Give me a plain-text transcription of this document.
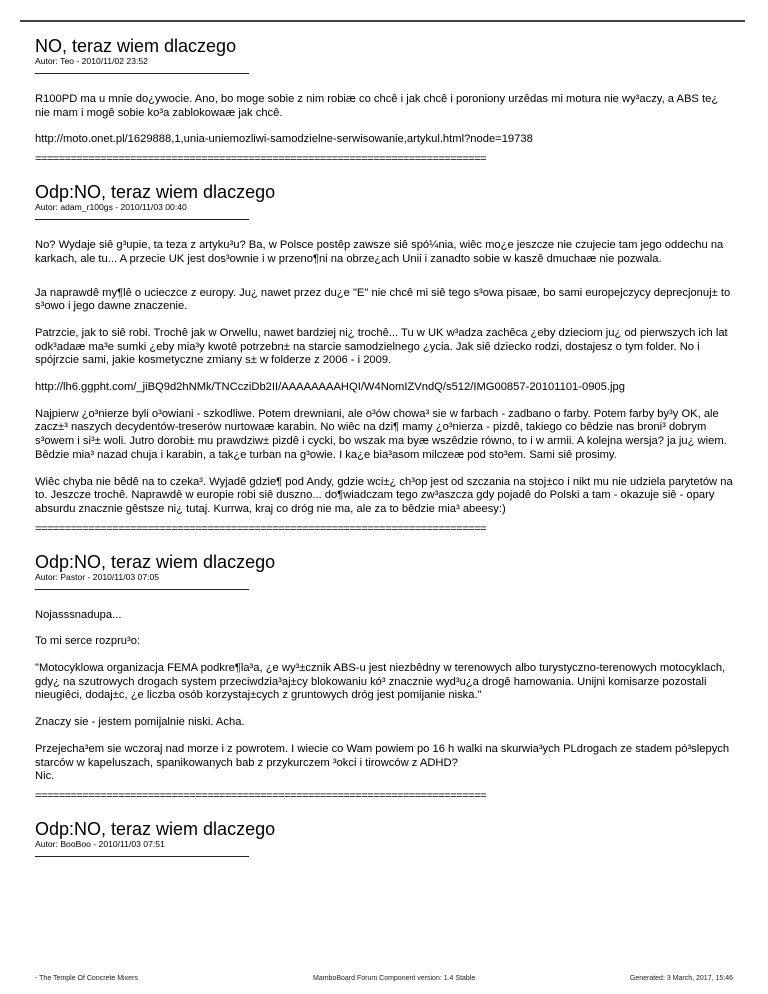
NO, teraz wiem dlaczego
Autor: Teo - 2010/11/02 23:52

R100PD ma u mnie do¿ywocie. Ano, bo moge sobie z nim robiæ co chcê i jak chcê i poroniony urzêdas mi motura nie wy³aczy, a ABS te¿ nie mam i mogê sobie ko³a zablokowaæ jak chcê.

http://moto.onet.pl/1629888,1,unia-uniemozliwi-samodzielne-serwisowanie,artykul.html?node=19738

============================================================================
Odp:NO, teraz wiem dlaczego
Autor: adam_r100gs - 2010/11/03 00:40

No? Wydaje siê g³upie, ta teza z artyku³u? Ba, w Polsce postêp zawsze siê spó¼nia, wiêc mo¿e jeszcze nie czujecie tam jego oddechu na karkach, ale tu... A przecie UK jest dos³ownie i w przeno¶ni na obrze¿ach Unii i zanadto sobie w kaszê dmuchaæ nie pozwala.

Ja naprawdê my¶lê o ucieczce z europy. Ju¿ nawet przez du¿e "E" nie chcê mi siê tego s³owa pisaæ, bo sami europejczycy deprecjonuj± to s³owo i jego dawne znaczenie.

Patrzcie, jak to siê robi. Trochê jak w Orwellu, nawet bardziej ni¿ trochê... Tu w UK w³adza zachêca ¿eby dzieciom ju¿ od pierwszych ich lat odk³adaæ ma³e sumki ¿eby mia³y kwotê potrzebn± na starcie samodzielnego ¿ycia. Jak siê dziecko rodzi, dostajesz o tym folder. No i spójrzcie sami, jakie kosmetyczne zmiany s± w folderze z 2006 - i 2009.

http://lh6.ggpht.com/_jiBQ9d2hNMk/TNCcziDb2II/AAAAAAAAHQI/W4NomIZVndQ/s512/IMG00857-20101101-0905.jpg

Najpierw ¿o³nierze byli o³owiani - szkodliwe. Potem drewniani, ale o³ów chowa³ sie w farbach - zadbano o farby. Potem farby by³y OK, ale zacz±³ naszych decydentów-treserów nurtowaæ karabin. No wiêc na dzi¶ mamy ¿o³nierza - pizdê, takiego co bêdzie nas broni³ dobrym s³owem i si³± woli. Jutro dorobi± mu prawdziw± pizdê i cycki, bo wszak ma byæ wszêdzie równo, to i w armii. A kolejna wersja? ja ju¿ wiem. Bêdzie mia³ nazad chuja i karabin, a tak¿e turban na g³owie. I ka¿e bia³asom milczeæ pod sto³em. Sami siê prosimy.

Wiêc chyba nie bêdê na to czeka³. Wyjadê gdzie¶ pod Andy, gdzie wci±¿ ch³op jest od szczania na stoj±co i nikt mu nie udziela parytetów na to. Jeszcze trochê. Naprawdê w europie robi siê duszno... do¶wiadczam tego zw³aszcza gdy pojadê do Polski a tam - okazuje siê - opary absurdu znacznie gêstsze ni¿ tutaj. Kurrwa, kraj co dróg nie ma, ale za to bêdzie mia³ abeesy:)

============================================================================
Odp:NO, teraz wiem dlaczego
Autor: Pastor - 2010/11/03 07:05

Nojasssnadupa...

To mi serce rozpru³o:

"Motocyklowa organizacja FEMA podkre¶la³a, ¿e wy³±cznik ABS-u jest niezbêdny w terenowych albo turystyczno-terenowych motocyklach, gdy¿ na szutrowych drogach system przeciwdzia³aj±cy blokowaniu kó³ znacznie wyd³u¿a drogê hamowania. Unijni komisarze pozostali nieugiêci, dodaj±c, ¿e liczba osób korzystaj±cych z gruntowych dróg jest pomijanie niska."

Znaczy sie - jestem pomijalnie niski. Acha.

Przejecha³em sie wczoraj nad morze i z powrotem. I wiecie co Wam powiem po 16 h walki na skurwia³ych PLdrogach ze stadem pó³slepych starców w kapeluszach, spanikowanych bab z przykurczem ³okci i tirowców z ADHD?
Nic.

============================================================================
Odp:NO, teraz wiem dlaczego
Autor: BooBoo - 2010/11/03 07:51
- The Temple Of Concrete Mixers	MamboBoard Forum Component version: 1.4 Stable	Generated: 3 March, 2017, 15:46
